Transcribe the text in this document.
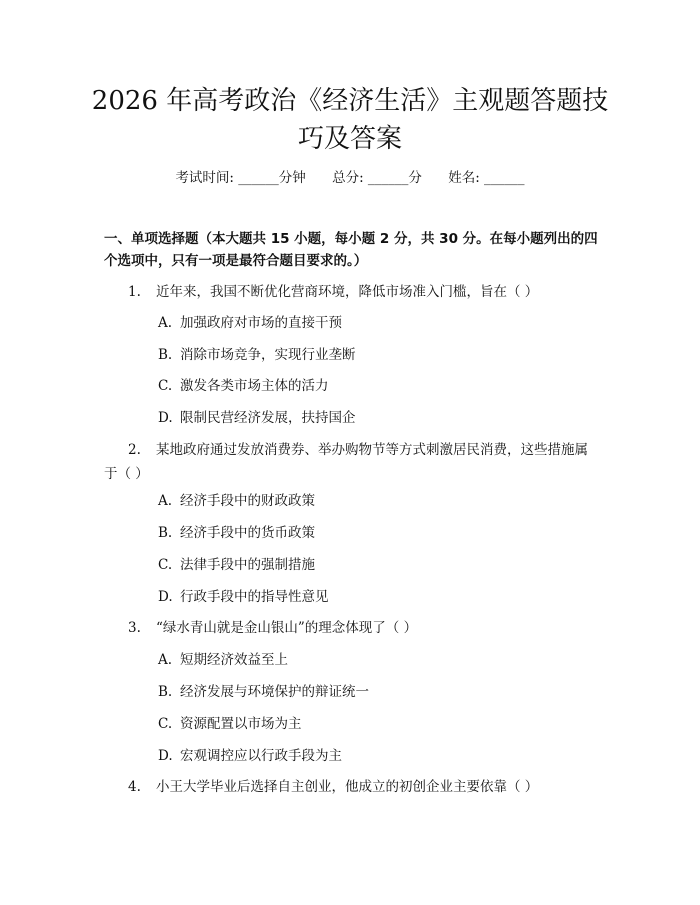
2026 年高考政治《经济生活》主观题答题技
巧及答案
考试时间: ______分钟 总分: ______分 姓名: ______
一、单项选择题（本大题共 15 小题，每小题 2 分，共 30 分。在每小题列出的四个选项中，只有一项是最符合题目要求的。）
1. 近年来，我国不断优化营商环境，降低市场准入门槛，旨在（ ）
A. 加强政府对市场的直接干预
B. 消除市场竞争，实现行业垄断
C. 激发各类市场主体的活力
D. 限制民营经济发展，扶持国企
2. 某地政府通过发放消费券、举办购物节等方式刺激居民消费，这些措施属于（ ）
A. 经济手段中的财政政策
B. 经济手段中的货币政策
C. 法律手段中的强制措施
D. 行政手段中的指导性意见
3. “绿水青山就是金山银山”的理念体现了（ ）
A. 短期经济效益至上
B. 经济发展与环境保护的辩证统一
C. 资源配置以市场为主
D. 宏观调控应以行政手段为主
4. 小王大学毕业后选择自主创业，他成立的初创企业主要依靠（ ）
